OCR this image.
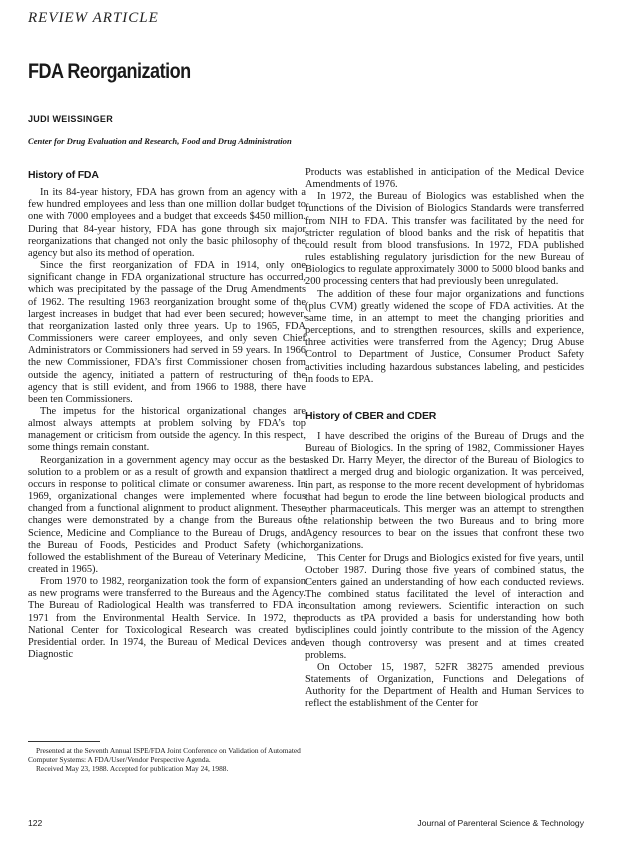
REVIEW ARTICLE
FDA Reorganization
JUDI WEISSINGER
Center for Drug Evaluation and Research, Food and Drug Administration
History of FDA

In its 84-year history, FDA has grown from an agency with a few hundred employees and less than one million dollar budget to one with 7000 employees and a budget that exceeds $450 million. During that 84-year history, FDA has gone through six major reorganizations that changed not only the basic philosophy of the agency but also its method of operation.

Since the first reorganization of FDA in 1914, only one significant change in FDA organizational structure has occurred, which was precipitated by the passage of the Drug Amendments of 1962. The resulting 1963 reorganization brought some of the largest increases in budget that had ever been secured; however, that reorganization lasted only three years. Up to 1965, FDA Commissioners were career employees, and only seven Chief Administrators or Commissioners had served in 59 years. In 1966 the new Commissioner, FDA’s first Commissioner chosen from outside the agency, initiated a pattern of restructuring of the agency that is still evident, and from 1966 to 1988, there have been ten Commissioners.

The impetus for the historical organizational changes are almost always attempts at problem solving by FDA’s top management or criticism from outside the agency. In this respect, some things remain constant.

Reorganization in a government agency may occur as the best solution to a problem or as a result of growth and expansion that occurs in response to political climate or consumer awareness. In 1969, organizational changes were implemented where focus changed from a functional alignment to product alignment. These changes were demonstrated by a change from the Bureaus of Science, Medicine and Compliance to the Bureau of Drugs, and the Bureau of Foods, Pesticides and Product Safety (which followed the establishment of the Bureau of Veterinary Medicine, created in 1965).

From 1970 to 1982, reorganization took the form of expansion as new programs were transferred to the Bureaus and the Agency. The Bureau of Radiological Health was transferred to FDA in 1971 from the Environmental Health Service. In 1972, the National Center for Toxicological Research was created by Presidential order. In 1974, the Bureau of Medical Devices and Diagnostic

Products was established in anticipation of the Medical Device Amendments of 1976.

In 1972, the Bureau of Biologics was established when the functions of the Division of Biologics Standards were transferred from NIH to FDA. This transfer was facilitated by the need for stricter regulation of blood banks and the risk of hepatitis that could result from blood transfusions. In 1972, FDA published rules establishing regulatory jurisdiction for the new Bureau of Biologics to regulate approximately 3000 to 5000 blood banks and 200 processing centers that had previously been unregulated.

The addition of these four major organizations and functions (plus CVM) greatly widened the scope of FDA activities. At the same time, in an attempt to meet the changing priorities and perceptions, and to strengthen resources, skills and experience, three activities were transferred from the Agency; Drug Abuse Control to Department of Justice, Consumer Product Safety activities including hazardous substances labeling, and pesticides in foods to EPA.

History of CBER and CDER

I have described the origins of the Bureau of Drugs and the Bureau of Biologics. In the spring of 1982, Commissioner Hayes asked Dr. Harry Meyer, the director of the Bureau of Biologics to direct a merged drug and biologic organization. It was perceived, in part, as response to the more recent development of hybridomas that had begun to erode the line between biological products and other pharmaceuticals. This merger was an attempt to strengthen the relationship between the two Bureaus and to bring more Agency resources to bear on the issues that confront these two organizations.

This Center for Drugs and Biologics existed for five years, until October 1987. During those five years of combined status, the Centers gained an understanding of how each conducted reviews. The combined status facilitated the level of interaction and consultation among reviewers. Scientific interaction on such products as tPA provided a basis for understanding how both disciplines could jointly contribute to the mission of the Agency even though controversy was present and at times created problems.

On October 15, 1987, 52FR 38275 amended previous Statements of Organization, Functions and Delegations of Authority for the Department of Health and Human Services to reflect the establishment of the Center for

Presented at the Seventh Annual ISPE/FDA Joint Conference on Validation of Automated Computer Systems: A FDA/User/Vendor Perspective Agenda.

Received May 23, 1988. Accepted for publication May 24, 1988.

122	Journal of Parenteral Science & Technology
